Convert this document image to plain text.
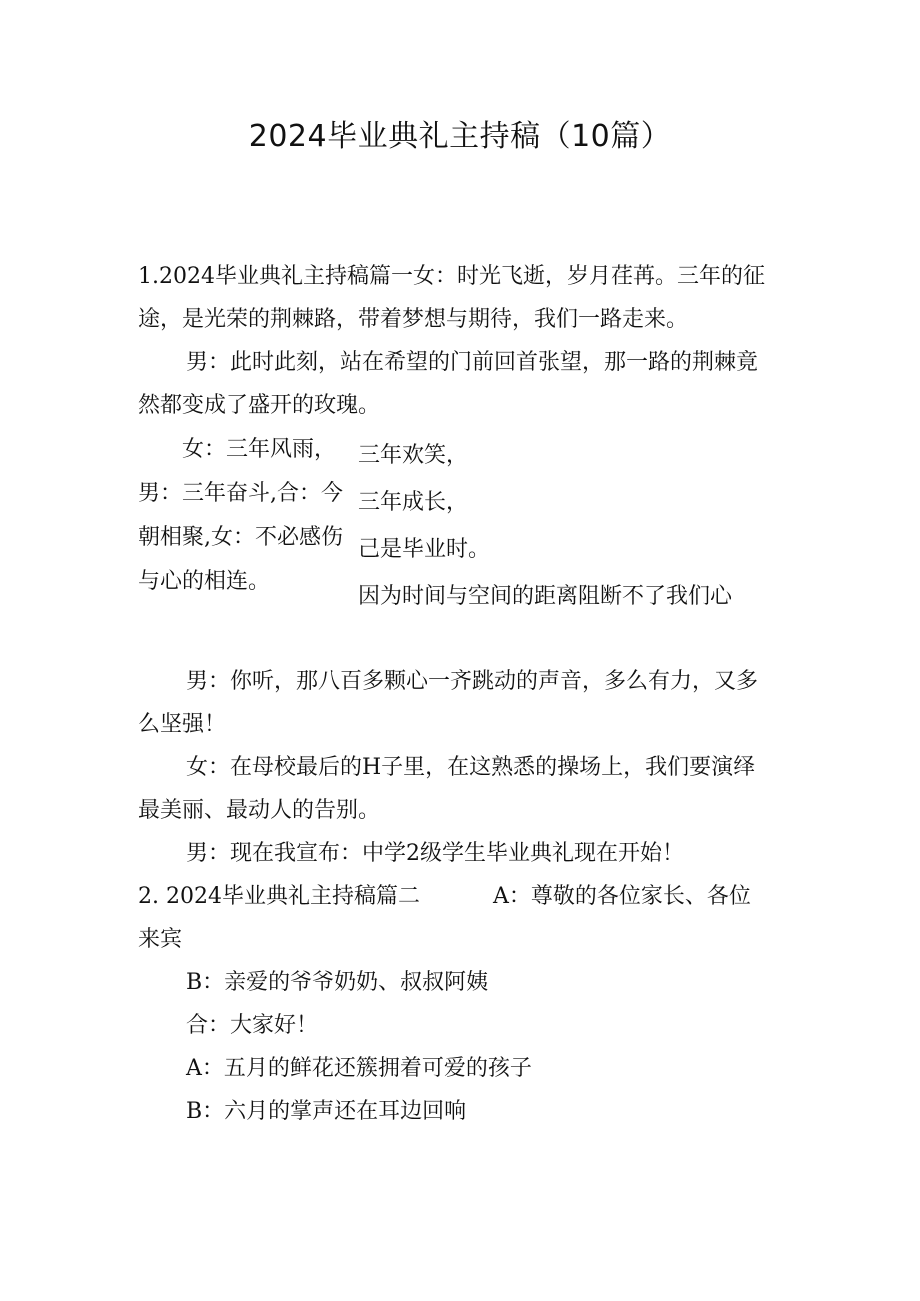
2024毕业典礼主持稿（10篇）

1.2024毕业典礼主持稿篇一女：时光飞逝，岁月荏苒。三年的征

途，是光荣的荆棘路，带着梦想与期待，我们一路走来。

男：此时此刻，站在希望的门前回首张望，那一路的荆棘竟

然都变成了盛开的玫瑰。

　　女：三年风雨，

男：三年奋斗,合：今

朝相聚,女：不必感伤

与心的相连。

三年欢笑，

三年成长，

己是毕业时。

因为时间与空间的距离阻断不了我们心

男：你听，那八百多颗心一齐跳动的声音，多么有力，又多

么坚强！

女：在母校最后的H子里，在这熟悉的操场上，我们要演绎

最美丽、最动人的告别。

男：现在我宣布：中学2级学生毕业典礼现在开始！

2. 2024毕业典礼主持稿篇二　　　 A：尊敬的各位家长、各位

来宾

B：亲爱的爷爷奶奶、叔叔阿姨

合：大家好！

A：五月的鲜花还簇拥着可爱的孩子

B：六月的掌声还在耳边回响
